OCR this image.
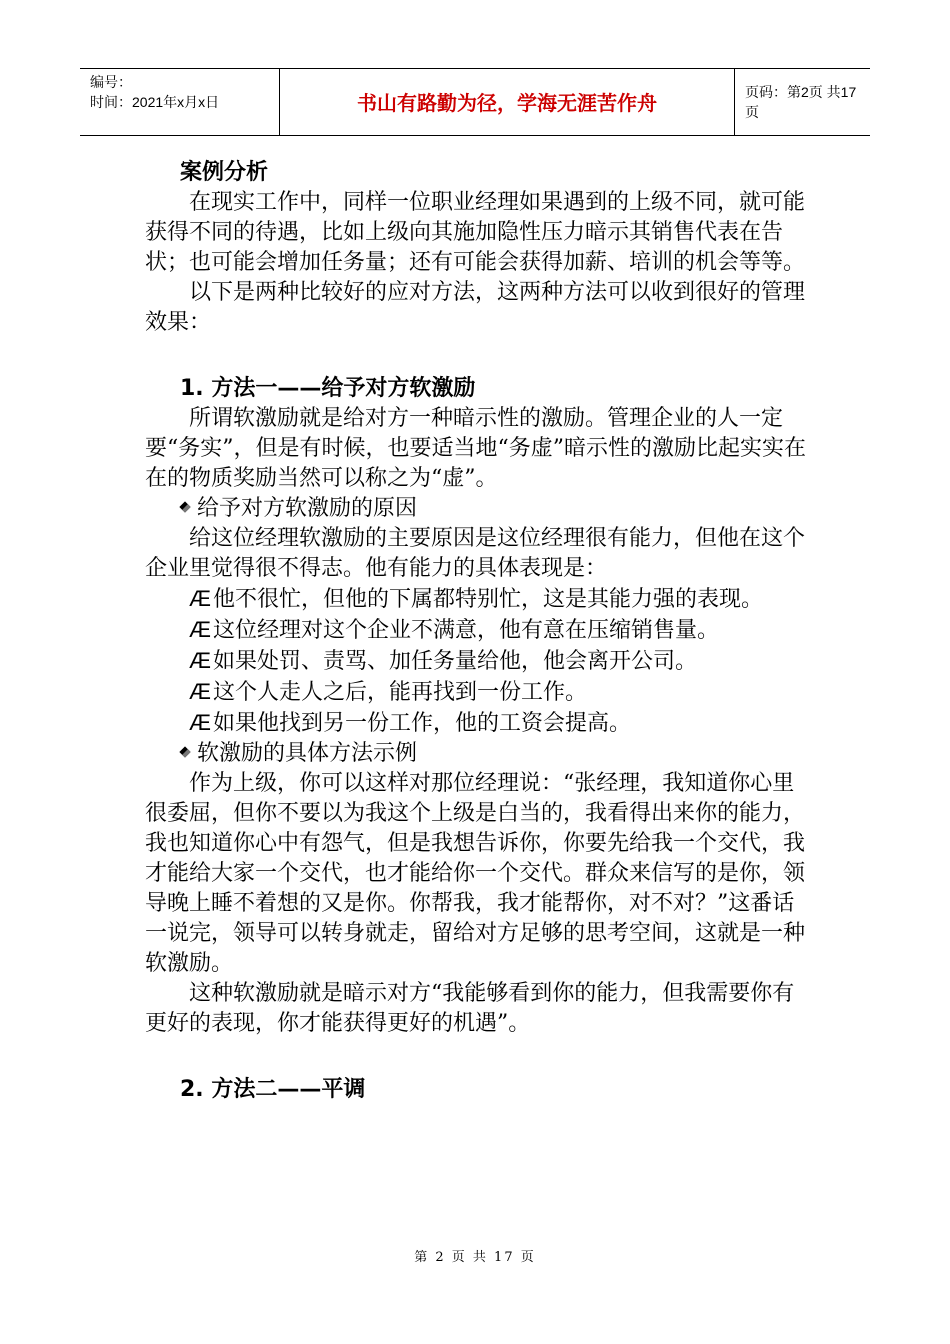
编号：
时间：2021年x月x日	书山有路勤为径，学海无涯苦作舟	页码：第2页 共17页

案例分析

在现实工作中，同样一位职业经理如果遇到的上级不同，就可能获得不同的待遇，比如上级向其施加隐性压力暗示其销售代表在告状；也可能会增加任务量；还有可能会获得加薪、培训的机会等等。

以下是两种比较好的应对方法，这两种方法可以收到很好的管理效果：

1. 方法一——给予对方软激励

所谓软激励就是给对方一种暗示性的激励。管理企业的人一定要“务实”，但是有时候，也要适当地“务虚”暗示性的激励比起实实在在的物质奖励当然可以称之为“虚”。

给予对方软激励的原因

给这位经理软激励的主要原因是这位经理很有能力，但他在这个企业里觉得很不得志。他有能力的具体表现是：

Æ他不很忙，但他的下属都特别忙，这是其能力强的表现。

Æ这位经理对这个企业不满意，他有意在压缩销售量。

Æ如果处罚、责骂、加任务量给他，他会离开公司。

Æ这个人走人之后，能再找到一份工作。

Æ如果他找到另一份工作，他的工资会提高。

软激励的具体方法示例

作为上级，你可以这样对那位经理说：“张经理，我知道你心里很委屈，但你不要以为我这个上级是白当的，我看得出来你的能力，我也知道你心中有怨气，但是我想告诉你，你要先给我一个交代，我才能给大家一个交代，也才能给你一个交代。群众来信写的是你，领导晚上睡不着想的又是你。你帮我，我才能帮你，对不对？”这番话一说完，领导可以转身就走，留给对方足够的思考空间，这就是一种软激励。

这种软激励就是暗示对方“我能够看到你的能力，但我需要你有更好的表现，你才能获得更好的机遇”。

2. 方法二——平调

第 2 页 共 17 页
